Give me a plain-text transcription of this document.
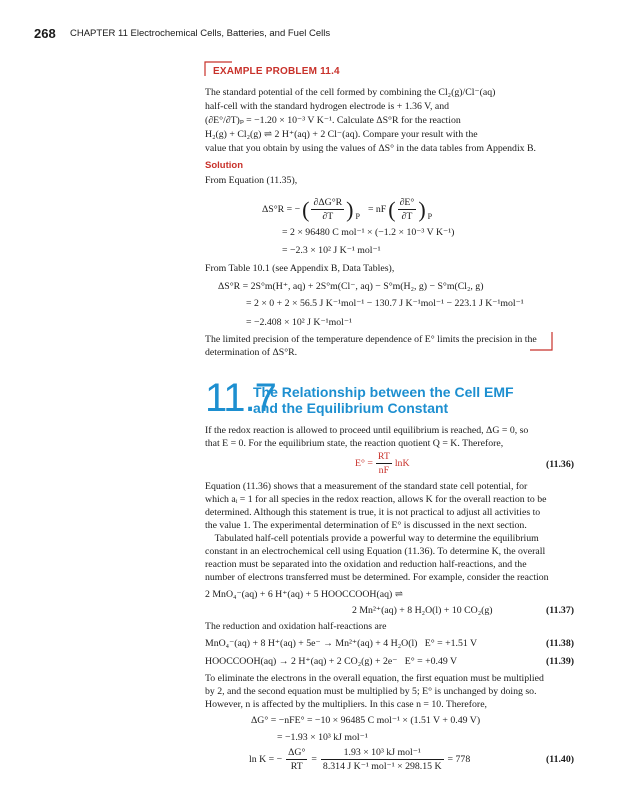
268 CHAPTER 11 Electrochemical Cells, Batteries, and Fuel Cells
EXAMPLE PROBLEM 11.4
The standard potential of the cell formed by combining the Cl₂(g)/Cl⁻(aq)
half-cell with the standard hydrogen electrode is + 1.36 V, and
(∂E°/∂T)ₚ = −1.20 × 10⁻³ V K⁻¹. Calculate ΔS°R for the reaction
H₂(g) + Cl₂(g) ⇌ 2 H⁺(aq) + 2 Cl⁻(aq). Compare your result with the
value that you obtain by using the values of ΔS° in the data tables from Appendix B.
Solution
From Equation (11.35),
ΔS°R = − ( $\frac{\partial\Delta G^\circ R}{\partial T}$ ) P
= nF ( $\frac{\partial E^\circ}{\partial T}$ ) P
= 2 × 96480 C mol⁻¹ × (−1.2 × 10⁻³ V K⁻¹)
= −2.3 × 10² J K⁻¹ mol⁻¹
From Table 10.1 (see Appendix B, Data Tables),
ΔS°R = 2S°m(H⁺, aq) + 2S°m(Cl⁻, aq) − S°m(H₂, g) − S°m(Cl₂, g)
= 2 × 0 + 2 × 56.5 J K⁻¹mol⁻¹ − 130.7 J K⁻¹mol⁻¹ − 223.1 J K⁻¹mol⁻¹
= −2.408 × 10² J K⁻¹mol⁻¹
The limited precision of the temperature dependence of E° limits the precision in the
determination of ΔS°R.
11.7
The Relationship between the Cell EMF
and the Equilibrium Constant
If the redox reaction is allowed to proceed until equilibrium is reached, ΔG = 0, so
that E = 0. For the equilibrium state, the reaction quotient Q = K. Therefore,
$E^\circ = \frac{RT}{nF}$ lnK	(11.36)
Equation (11.36) shows that a measurement of the standard state cell potential, for
which aᵢ = 1 for all species in the redox reaction, allows K for the overall reaction to be
determined. Although this statement is true, it is not practical to adjust all activities to
the value 1. The experimental determination of E° is discussed in the next section.
Tabulated half-cell potentials provide a powerful way to determine the equilibrium
constant in an electrochemical cell using Equation (11.36). To determine K, the overall
reaction must be separated into the oxidation and reduction half-reactions, and the
number of electrons transferred must be determined. For example, consider the reaction
2 MnO₄⁻(aq) + 6 H⁺(aq) + 5 HOOCCOOH(aq) ⇌
2 Mn²⁺(aq) + 8 H₂O(l) + 10 CO₂(g)	(11.37)
The reduction and oxidation half-reactions are
MnO₄⁻(aq) + 8 H⁺(aq) + 5e⁻ → Mn²⁺(aq) + 4 H₂O(l)   E° = +1.51 V	(11.38)
HOOCCOOH(aq) → 2 H⁺(aq) + 2 CO₂(g) + 2e⁻   E° = +0.49 V	(11.39)
To eliminate the electrons in the overall equation, the first equation must be multiplied
by 2, and the second equation must be multiplied by 5; E° is unchanged by doing so.
However, n is affected by the multipliers. In this case n = 10. Therefore,
ΔG° = −nFE° = −10 × 96485 C mol⁻¹ × (1.51 V + 0.49 V)
= −1.93 × 10³ kJ mol⁻¹
ln K = − $\frac{\Delta G^\circ}{RT} = \frac{\text{1.93 × 10³ kJ mol⁻¹}}{\text{8.314 J K⁻¹ mol⁻¹ × 298.15 K}} = 778$	(11.40)
